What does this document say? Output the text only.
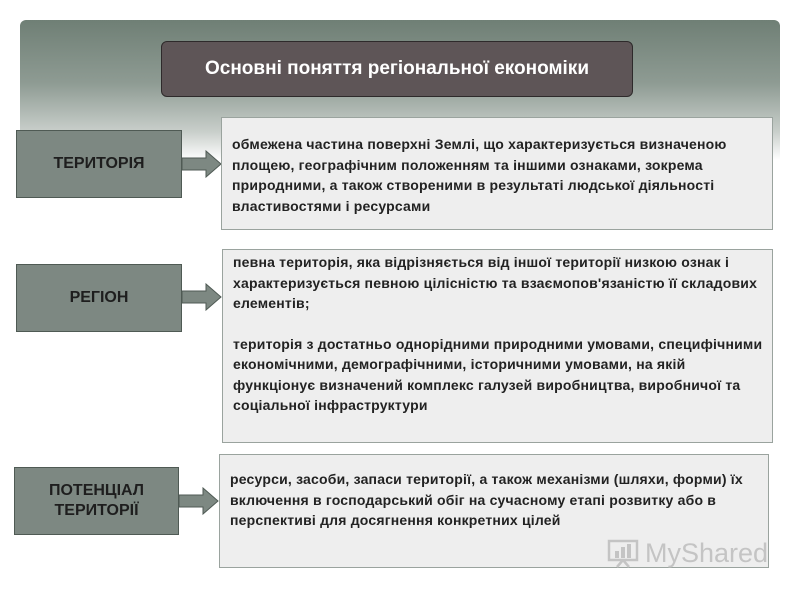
Основні поняття регіональної економіки
ТЕРИТОРІЯ

обмежена частина поверхні Землі, що характеризується визначеною площею, географічним положенням та іншими ознаками, зокрема природними, а також створеними в результаті людської діяльності властивостями і ресурсами

РЕГІОН

певна територія, яка відрізняється від іншої території низкою ознак і характеризується певною цілісністю та взаємопов'язаністю її складових елементів;

територія з достатньо однорідними природними умовами, специфічними економічними, демографічними, історичними умовами, на якій функціонує визначений комплекс галузей виробництва, виробничої та соціальної інфраструктури

ПОТЕНЦІАЛ ТЕРИТОРІЇ

ресурси, засоби, запаси території, а також механізми (шляхи, форми) їх включення в господарський обіг на сучасному етапі розвитку або в перспективі для досягнення конкретних цілей

MyShared
